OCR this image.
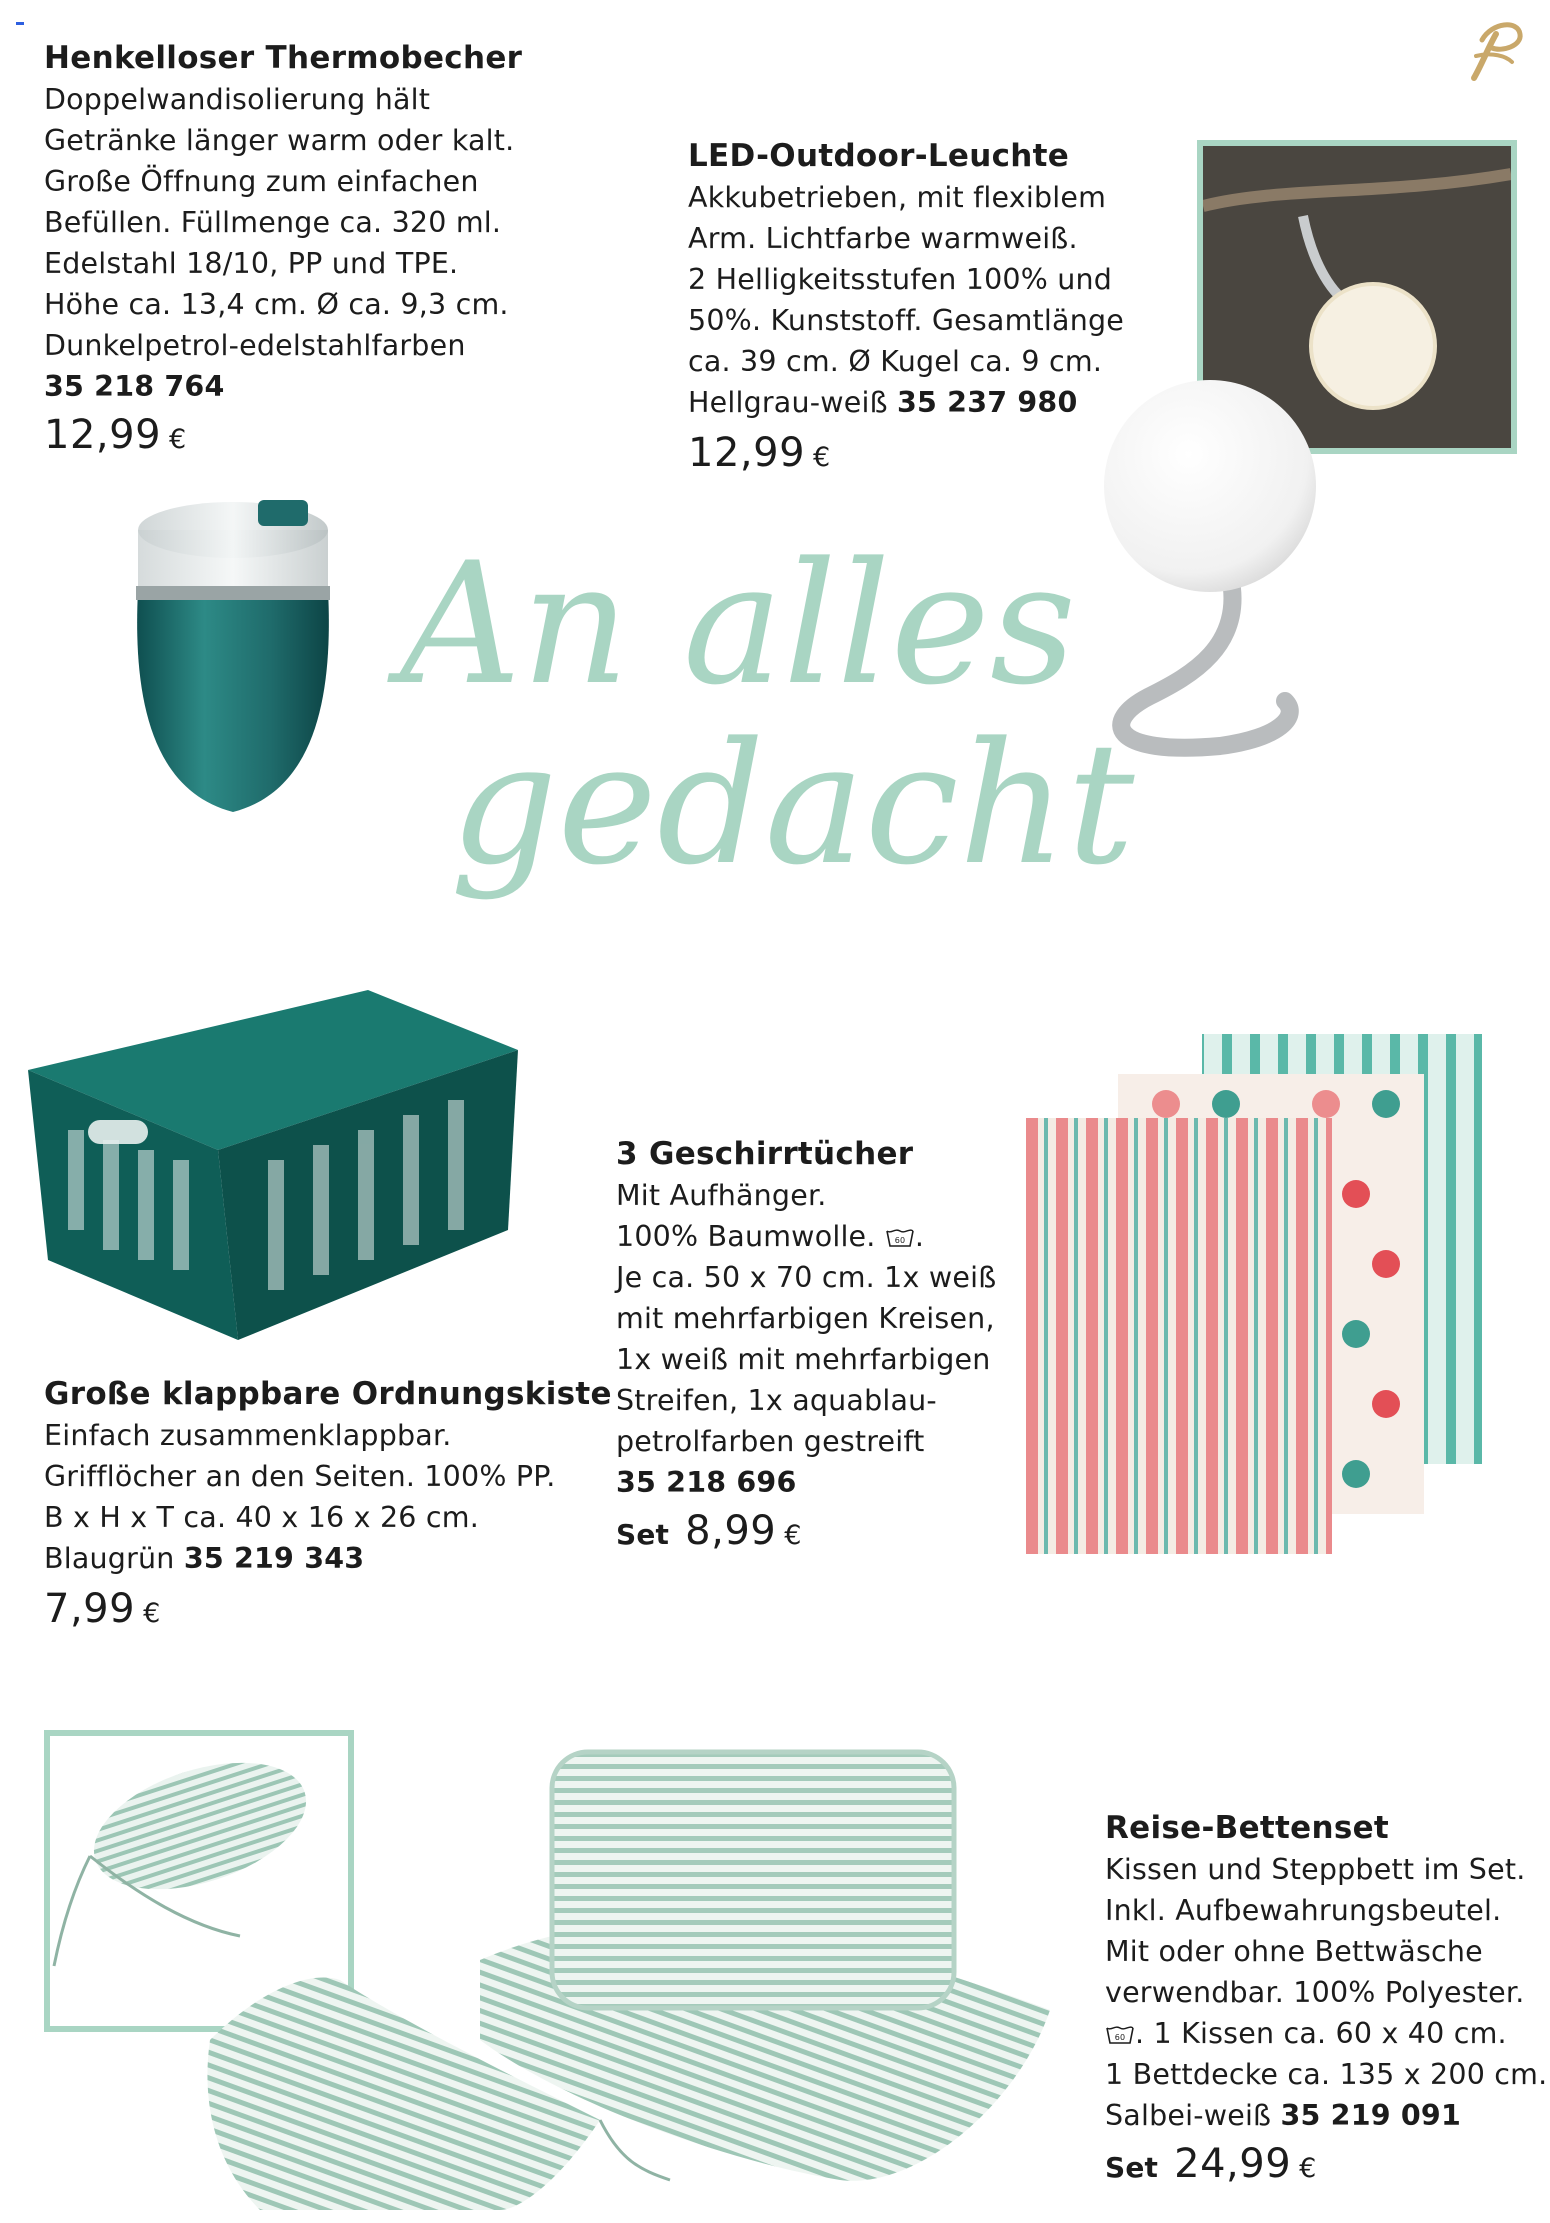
Henkelloser Thermobecher
Doppelwandisolierung hält
Getränke länger warm oder kalt.
Große Öffnung zum einfachen
Befüllen. Füllmenge ca. 320 ml.
Edelstahl 18/10, PP und TPE.
Höhe ca. 13,4 cm. Ø ca. 9,3 cm.
Dunkelpetrol-edelstahlfarben
35 218 764
12,99 €
LED-Outdoor-Leuchte
Akkubetrieben, mit flexiblem
Arm. Lichtfarbe warmweiß.
2 Helligkeitsstufen 100% und
50%. Kunststoff. Gesamtlänge
ca. 39 cm. Ø Kugel ca. 9 cm.
Hellgrau-weiß 35 237 980
12,99 €
An alles
gedacht
Große klappbare Ordnungskiste
Einfach zusammenklappbar.
Grifflöcher an den Seiten. 100% PP.
B x H x T ca. 40 x 16 x 26 cm.
Blaugrün 35 219 343
7,99 €
3 Geschirrtücher
Mit Aufhänger.
100% Baumwolle. 60 .
Je ca. 50 x 70 cm. 1x weiß
mit mehrfarbigen Kreisen,
1x weiß mit mehrfarbigen
Streifen, 1x aquablau-
petrolfarben gestreift
35 218 696
Set 8,99 €
Reise-Bettenset
Kissen und Steppbett im Set.
Inkl. Aufbewahrungsbeutel.
Mit oder ohne Bettwäsche
verwendbar. 100% Polyester.
60 . 1 Kissen ca. 60 x 40 cm.
1 Bettdecke ca. 135 x 200 cm.
Salbei-weiß 35 219 091
Set 24,99 €
